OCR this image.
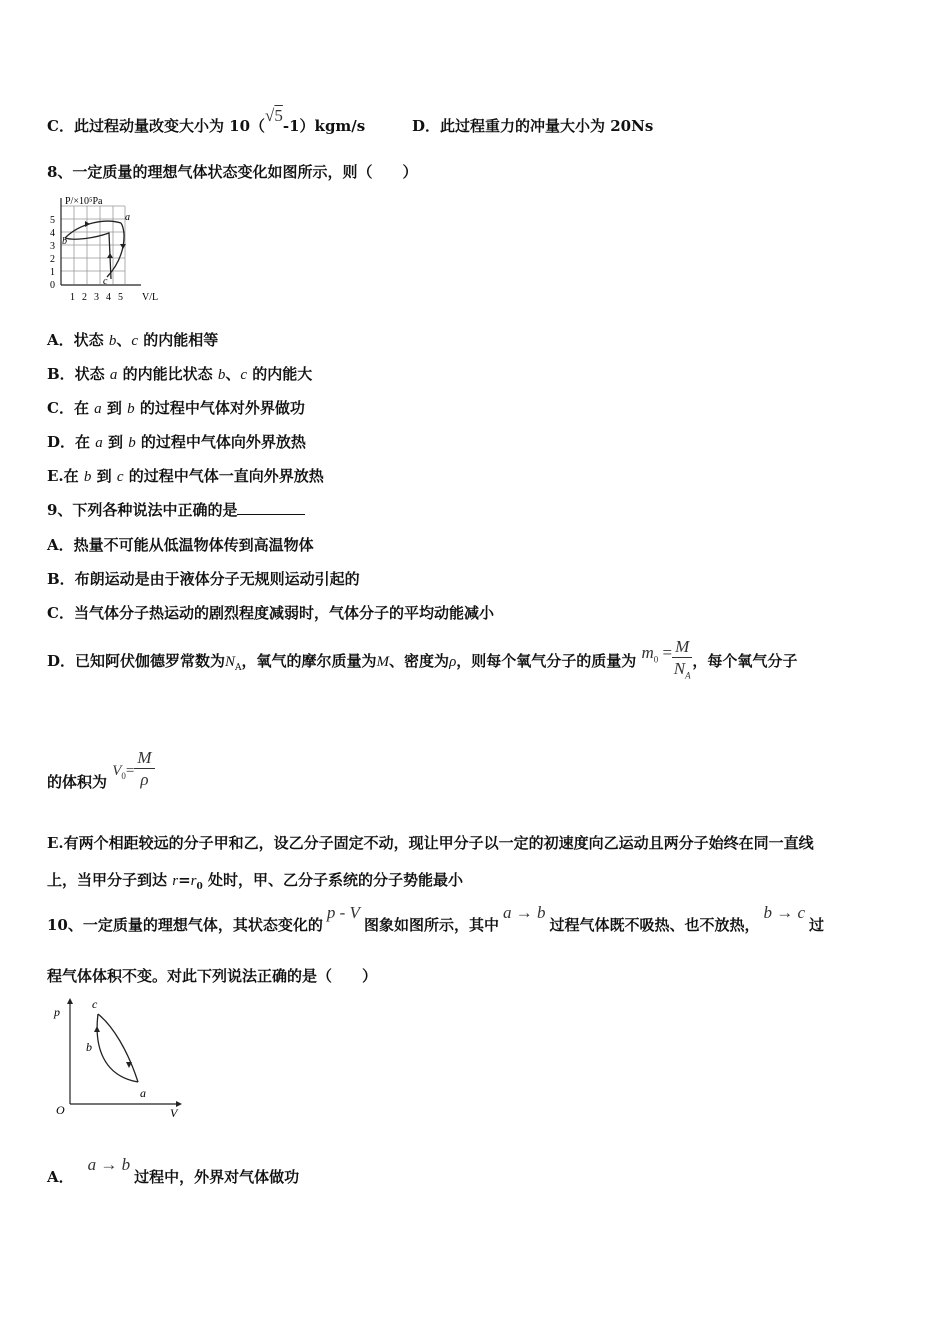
C．此过程动量改变大小为 10（√5-1）kgm/s	D．此过程重力的冲量大小为 20Ns
8、一定质量的理想气体状态变化如图所示，则（　　）
P/×10⁵Pa
5
4
3
2
1
0
1 2 3 4 5 V/L
a
b
c
A．状态 b、c 的内能相等
B．状态 a 的内能比状态 b、c 的内能大
C．在 a 到 b 的过程中气体对外界做功
D．在 a 到 b 的过程中气体向外界放热
E.在 b 到 c 的过程中气体一直向外界放热
9、下列各种说法中正确的是
A．热量不可能从低温物体传到高温物体
B．布朗运动是由于液体分子无规则运动引起的
C．当气体分子热运动的剧烈程度减弱时，气体分子的平均动能减小
D．已知阿伏伽德罗常数为$N_A$，氧气的摩尔质量为M、密度为ρ，则每个氧气分子的质量为 $m_0 = \frac{M}{N_A}$ ，每个氧气分子
的体积为 $V_0= \frac{M}{\rho}$
E.有两个相距较远的分子甲和乙，设乙分子固定不动，现让甲分子以一定的初速度向乙运动且两分子始终在同一直线
上，当甲分子到达 $r=r_0$ 处时，甲、乙分子系统的分子势能最小
10、一定质量的理想气体，其状态变化的p - V图象如图所示，其中a → b过程气体既不吸热、也不放热，b → c过
程气体体积不变。对此下列说法正确的是（　　）
p
V
O
c
b
a
A．a → b过程中，外界对气体做功
